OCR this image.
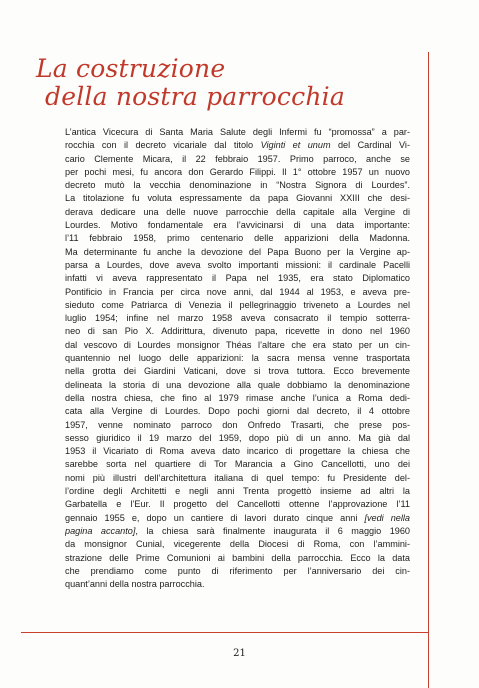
La costruzione
della nostra parrocchia
L’antica Vicecura di Santa Maria Salute degli Infermi fu “promossa” a par-
rocchia con il decreto vicariale dal titolo Viginti et unum del Cardinal Vi-
cario Clemente Micara, il 22 febbraio 1957. Primo parroco, anche se
per pochi mesi, fu ancora don Gerardo Filippi. Il 1° ottobre 1957 un nuovo
decreto mutò la vecchia denominazione in “Nostra Signora di Lourdes”.
La titolazione fu voluta espressamente da papa Giovanni XXIII che desi-
derava dedicare una delle nuove parrocchie della capitale alla Vergine di
Lourdes. Motivo fondamentale era l’avvicinarsi di una data importante:
l’11 febbraio 1958, primo centenario delle apparizioni della Madonna.
Ma determinante fu anche la devozione del Papa Buono per la Vergine ap-
parsa a Lourdes, dove aveva svolto importanti missioni: il cardinale Pacelli
infatti vi aveva rappresentato il Papa nel 1935, era stato Diplomatico
Pontificio in Francia per circa nove anni, dal 1944 al 1953, e aveva pre-
sieduto come Patriarca di Venezia il pellegrinaggio triveneto a Lourdes nel
luglio 1954; infine nel marzo 1958 aveva consacrato il tempio sotterra-
neo di san Pio X. Addirittura, divenuto papa, ricevette in dono nel 1960
dal vescovo di Lourdes monsignor Théas l’altare che era stato per un cin-
quantennio nel luogo delle apparizioni: la sacra mensa venne trasportata
nella grotta dei Giardini Vaticani, dove si trova tuttora. Ecco brevemente
delineata la storia di una devozione alla quale dobbiamo la denominazione
della nostra chiesa, che fino al 1979 rimase anche l’unica a Roma dedi-
cata alla Vergine di Lourdes. Dopo pochi giorni dal decreto, il 4 ottobre
1957, venne nominato parroco don Onfredo Trasarti, che prese pos-
sesso giuridico il 19 marzo del 1959, dopo più di un anno. Ma già dal
1953 il Vicariato di Roma aveva dato incarico di progettare la chiesa che
sarebbe sorta nel quartiere di Tor Marancia a Gino Cancellotti, uno dei
nomi più illustri dell’architettura italiana di quel tempo: fu Presidente del-
l’ordine degli Architetti e negli anni Trenta progettò insieme ad altri la
Garbatella e l’Eur. Il progetto del Cancellotti ottenne l’approvazione l’11
gennaio 1955 e, dopo un cantiere di lavori durato cinque anni [vedi nella
pagina accanto], la chiesa sarà finalmente inaugurata il 6 maggio 1960
da monsignor Cunial, vicegerente della Diocesi di Roma, con l’ammini-
strazione delle Prime Comunioni ai bambini della parrocchia. Ecco la data
che prendiamo come punto di riferimento per l’anniversario dei cin-
quant’anni della nostra parrocchia.
21
